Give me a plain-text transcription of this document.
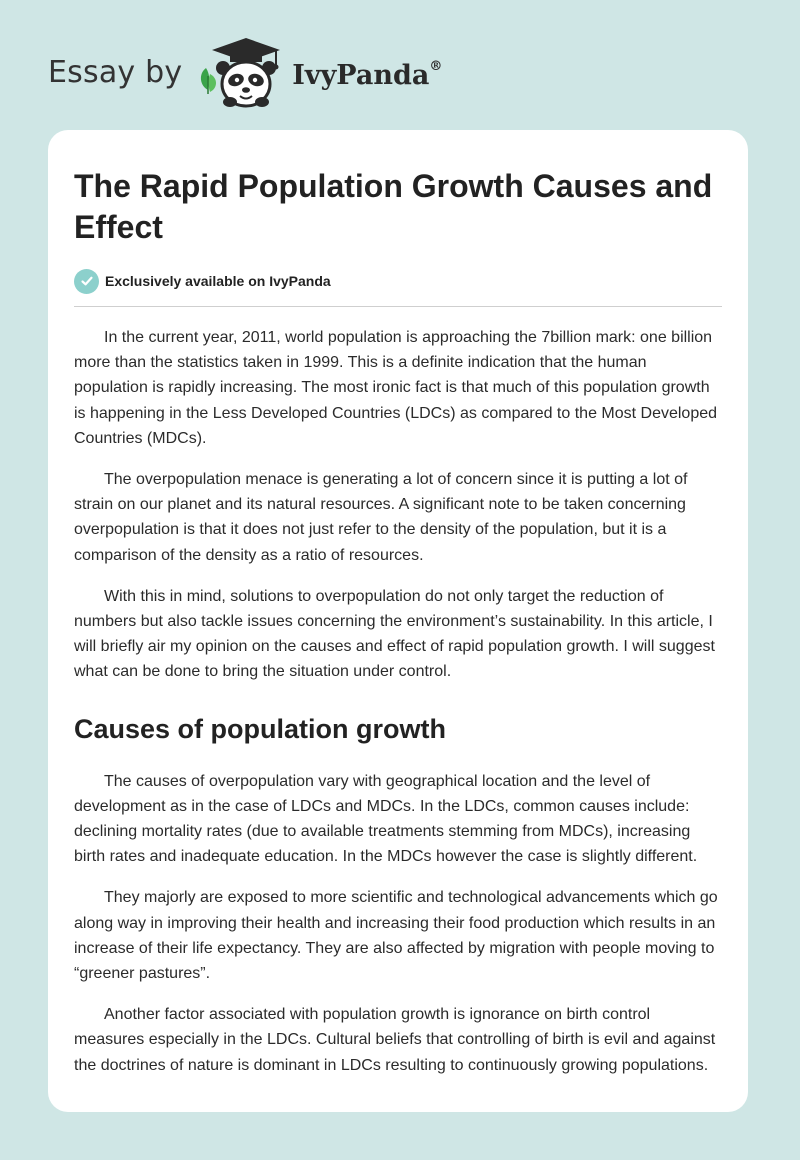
Essay by	IvyPanda®
The Rapid Population Growth Causes and Effect
Exclusively available on IvyPanda

In the current year, 2011, world population is approaching the 7billion mark: one billion more than the statistics taken in 1999. This is a definite indication that the human population is rapidly increasing. The most ironic fact is that much of this population growth is happening in the Less Developed Countries (LDCs) as compared to the Most Developed Countries (MDCs).

The overpopulation menace is generating a lot of concern since it is putting a lot of strain on our planet and its natural resources. A significant note to be taken concerning overpopulation is that it does not just refer to the density of the population, but it is a comparison of the density as a ratio of resources.

With this in mind, solutions to overpopulation do not only target the reduction of numbers but also tackle issues concerning the environment’s sustainability. In this article, I will briefly air my opinion on the causes and effect of rapid population growth. I will suggest what can be done to bring the situation under control.

Causes of population growth

The causes of overpopulation vary with geographical location and the level of development as in the case of LDCs and MDCs. In the LDCs, common causes include: declining mortality rates (due to available treatments stemming from MDCs), increasing birth rates and inadequate education. In the MDCs however the case is slightly different.

They majorly are exposed to more scientific and technological advancements which go along way in improving their health and increasing their food production which results in an increase of their life expectancy. They are also affected by migration with people moving to “greener pastures”.

Another factor associated with population growth is ignorance on birth control measures especially in the LDCs. Cultural beliefs that controlling of birth is evil and against the doctrines of nature is dominant in LDCs resulting to continuously growing populations.
